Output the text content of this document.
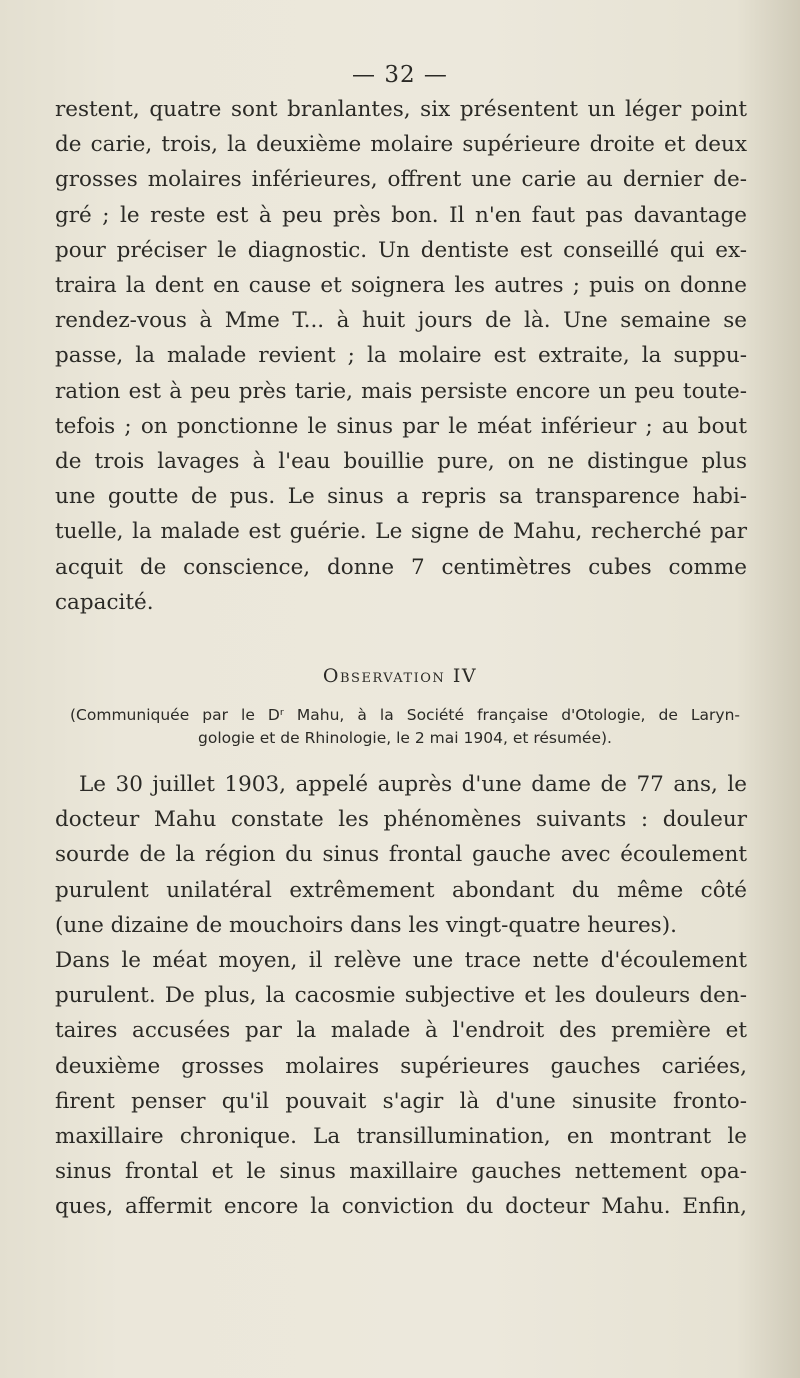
— 32 —
restent, quatre sont branlantes, six présentent un léger point
de carie, trois, la deuxième molaire supérieure droite et deux
grosses molaires inférieures, offrent une carie au dernier de-
gré ; le reste est à peu près bon. Il n'en faut pas davantage
pour préciser le diagnostic. Un dentiste est conseillé qui ex-
traira la dent en cause et soignera les autres ; puis on donne
rendez-vous à Mme T... à huit jours de là. Une semaine se
passe, la malade revient ; la molaire est extraite, la suppu-
ration est à peu près tarie, mais persiste encore un peu toute-
tefois ; on ponctionne le sinus par le méat inférieur ; au bout
de trois lavages à l'eau bouillie pure, on ne distingue plus
une goutte de pus. Le sinus a repris sa transparence habi-
tuelle, la malade est guérie. Le signe de Mahu, recherché par
acquit de conscience, donne 7 centimètres cubes comme
capacité.
Observation IV
(Communiquée par le Dʳ Mahu, à la Société française d'Otologie, de Laryn-
gologie et de Rhinologie, le 2 mai 1904, et résumée).
Le 30 juillet 1903, appelé auprès d'une dame de 77 ans, le
docteur Mahu constate les phénomènes suivants : douleur
sourde de la région du sinus frontal gauche avec écoulement
purulent unilatéral extrêmement abondant du même côté
(une dizaine de mouchoirs dans les vingt-quatre heures).
Dans le méat moyen, il relève une trace nette d'écoulement
purulent. De plus, la cacosmie subjective et les douleurs den-
taires accusées par la malade à l'endroit des première et
deuxième grosses molaires supérieures gauches cariées,
firent penser qu'il pouvait s'agir là d'une sinusite fronto-
maxillaire chronique. La transillumination, en montrant le
sinus frontal et le sinus maxillaire gauches nettement opa-
ques, affermit encore la conviction du docteur Mahu. Enfin,
